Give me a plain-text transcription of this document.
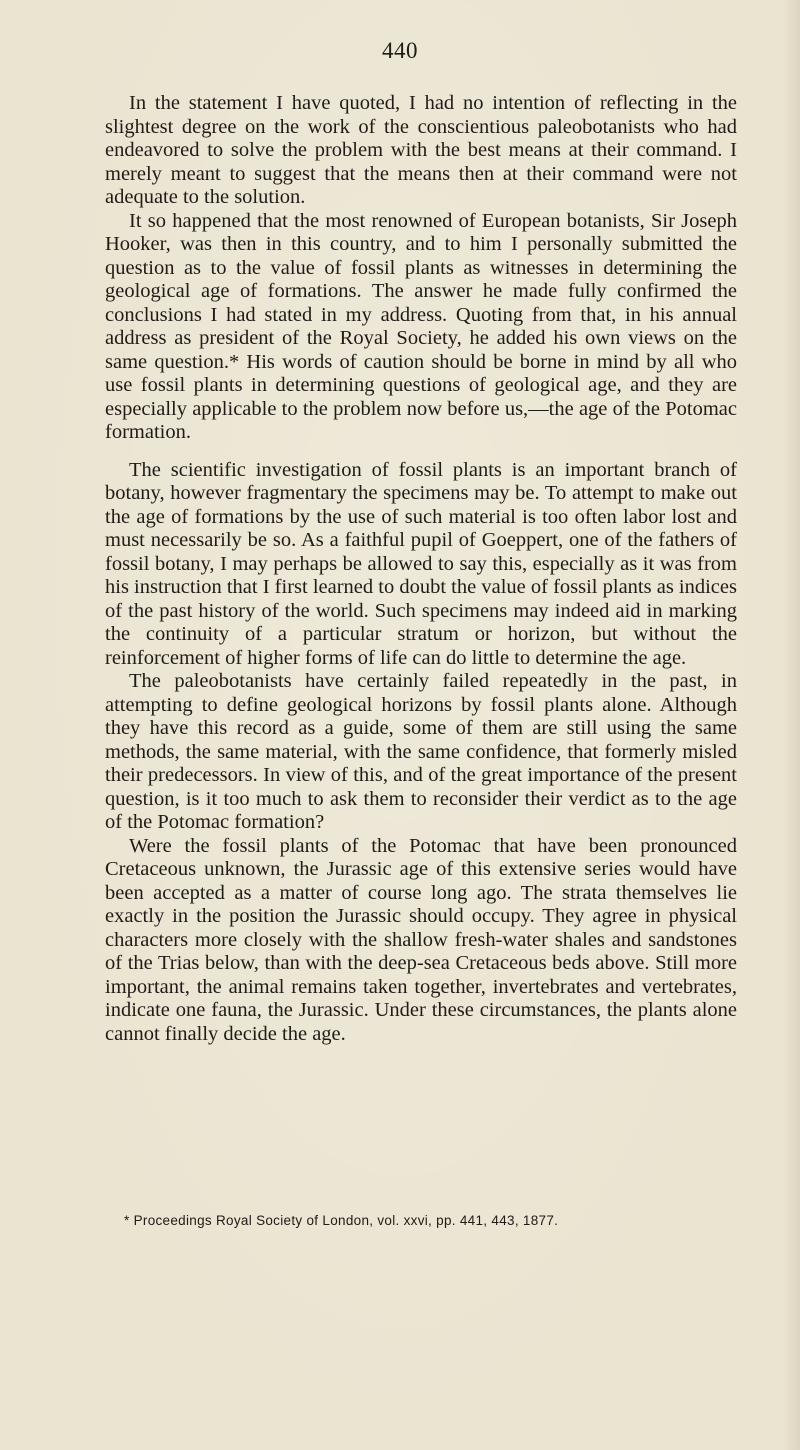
440

In the statement I have quoted, I had no intention of reflecting in the slightest degree on the work of the conscientious paleobotanists who had endeavored to solve the problem with the best means at their command. I merely meant to suggest that the means then at their command were not adequate to the solution.

It so happened that the most renowned of European botanists, Sir Joseph Hooker, was then in this country, and to him I personally submitted the question as to the value of fossil plants as witnesses in determining the geological age of formations. The answer he made fully confirmed the conclusions I had stated in my address. Quoting from that, in his annual address as president of the Royal Society, he added his own views on the same question.* His words of caution should be borne in mind by all who use fossil plants in determining questions of geological age, and they are especially applicable to the problem now before us,—the age of the Potomac formation.

The scientific investigation of fossil plants is an important branch of botany, however fragmentary the specimens may be. To attempt to make out the age of formations by the use of such material is too often labor lost and must necessarily be so. As a faithful pupil of Goeppert, one of the fathers of fossil botany, I may perhaps be allowed to say this, especially as it was from his instruction that I first learned to doubt the value of fossil plants as indices of the past history of the world. Such specimens may indeed aid in marking the continuity of a particular stratum or horizon, but without the reinforcement of higher forms of life can do little to determine the age.

The paleobotanists have certainly failed repeatedly in the past, in attempting to define geological horizons by fossil plants alone. Although they have this record as a guide, some of them are still using the same methods, the same material, with the same confidence, that formerly misled their predecessors. In view of this, and of the great importance of the present question, is it too much to ask them to reconsider their verdict as to the age of the Potomac formation?

Were the fossil plants of the Potomac that have been pronounced Cretaceous unknown, the Jurassic age of this extensive series would have been accepted as a matter of course long ago. The strata themselves lie exactly in the position the Jurassic should occupy. They agree in physical characters more closely with the shallow fresh-water shales and sandstones of the Trias below, than with the deep-sea Cretaceous beds above. Still more important, the animal remains taken together, invertebrates and vertebrates, indicate one fauna, the Jurassic. Under these circumstances, the plants alone cannot finally decide the age.

* Proceedings Royal Society of London, vol. xxvi, pp. 441, 443, 1877.
